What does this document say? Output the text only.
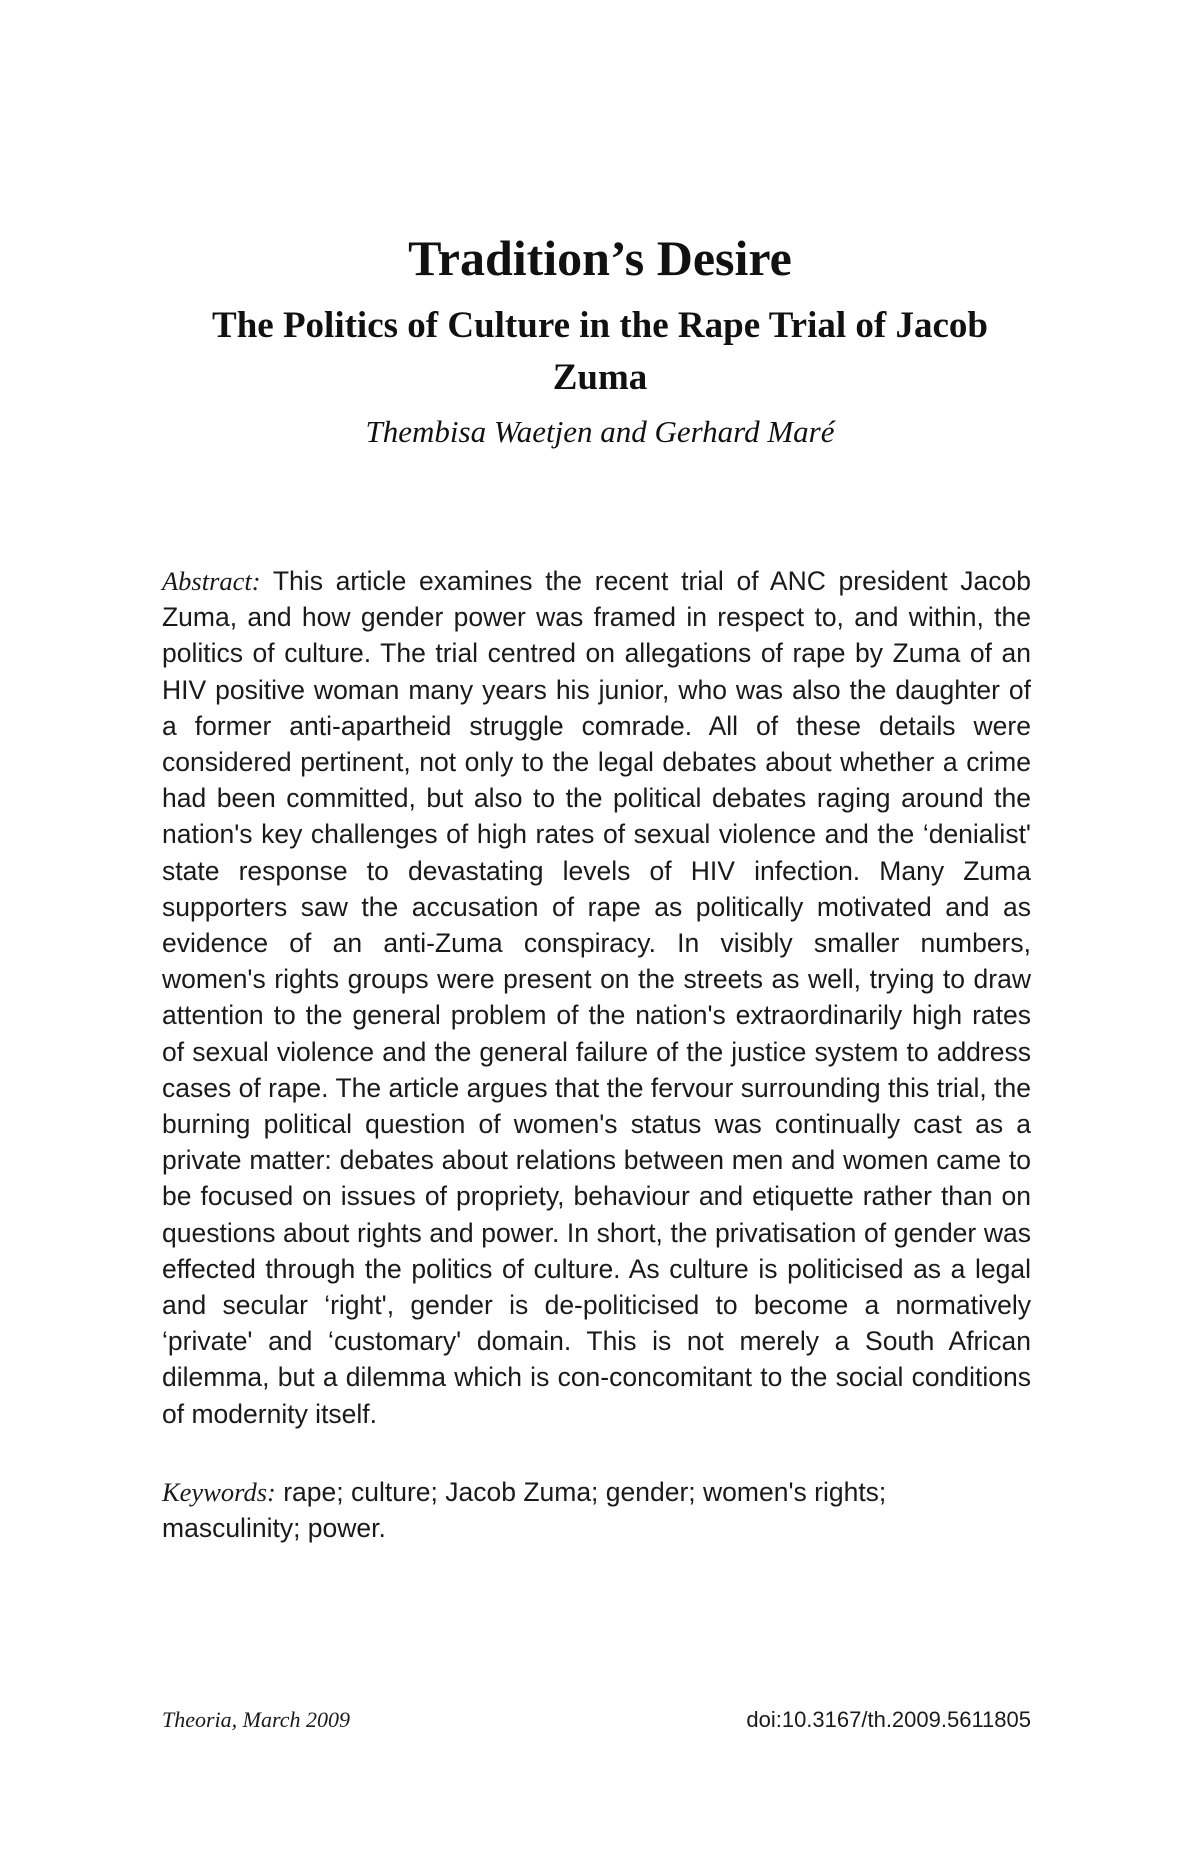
Tradition’s Desire
The Politics of Culture in the Rape Trial of Jacob Zuma

Thembisa Waetjen and Gerhard Maré

Abstract: This article examines the recent trial of ANC president Jacob Zuma, and how gender power was framed in respect to, and within, the politics of culture. The trial centred on allegations of rape by Zuma of an HIV positive woman many years his junior, who was also the daughter of a former anti-apartheid struggle comrade. All of these details were considered pertinent, not only to the legal debates about whether a crime had been committed, but also to the political debates raging around the nation's key challenges of high rates of sexual violence and the ‘denialist' state response to devastating levels of HIV infection. Many Zuma supporters saw the accusation of rape as politically motivated and as evidence of an anti-Zuma conspiracy. In visibly smaller numbers, women's rights groups were present on the streets as well, trying to draw attention to the general problem of the nation's extraordinarily high rates of sexual violence and the general failure of the justice system to address cases of rape. The article argues that the fervour surrounding this trial, the burning political question of women's status was continually cast as a private matter: debates about relations between men and women came to be focused on issues of propriety, behaviour and etiquette rather than on questions about rights and power. In short, the privatisation of gender was effected through the politics of culture. As culture is politicised as a legal and secular ‘right', gender is de-politicised to become a normatively ‘private' and ‘customary' domain. This is not merely a South African dilemma, but a dilemma which is con-concomitant to the social conditions of modernity itself.

Keywords: rape; culture; Jacob Zuma; gender; women's rights; masculinity; power.

Theoria, March 2009	doi:10.3167/th.2009.5611805
